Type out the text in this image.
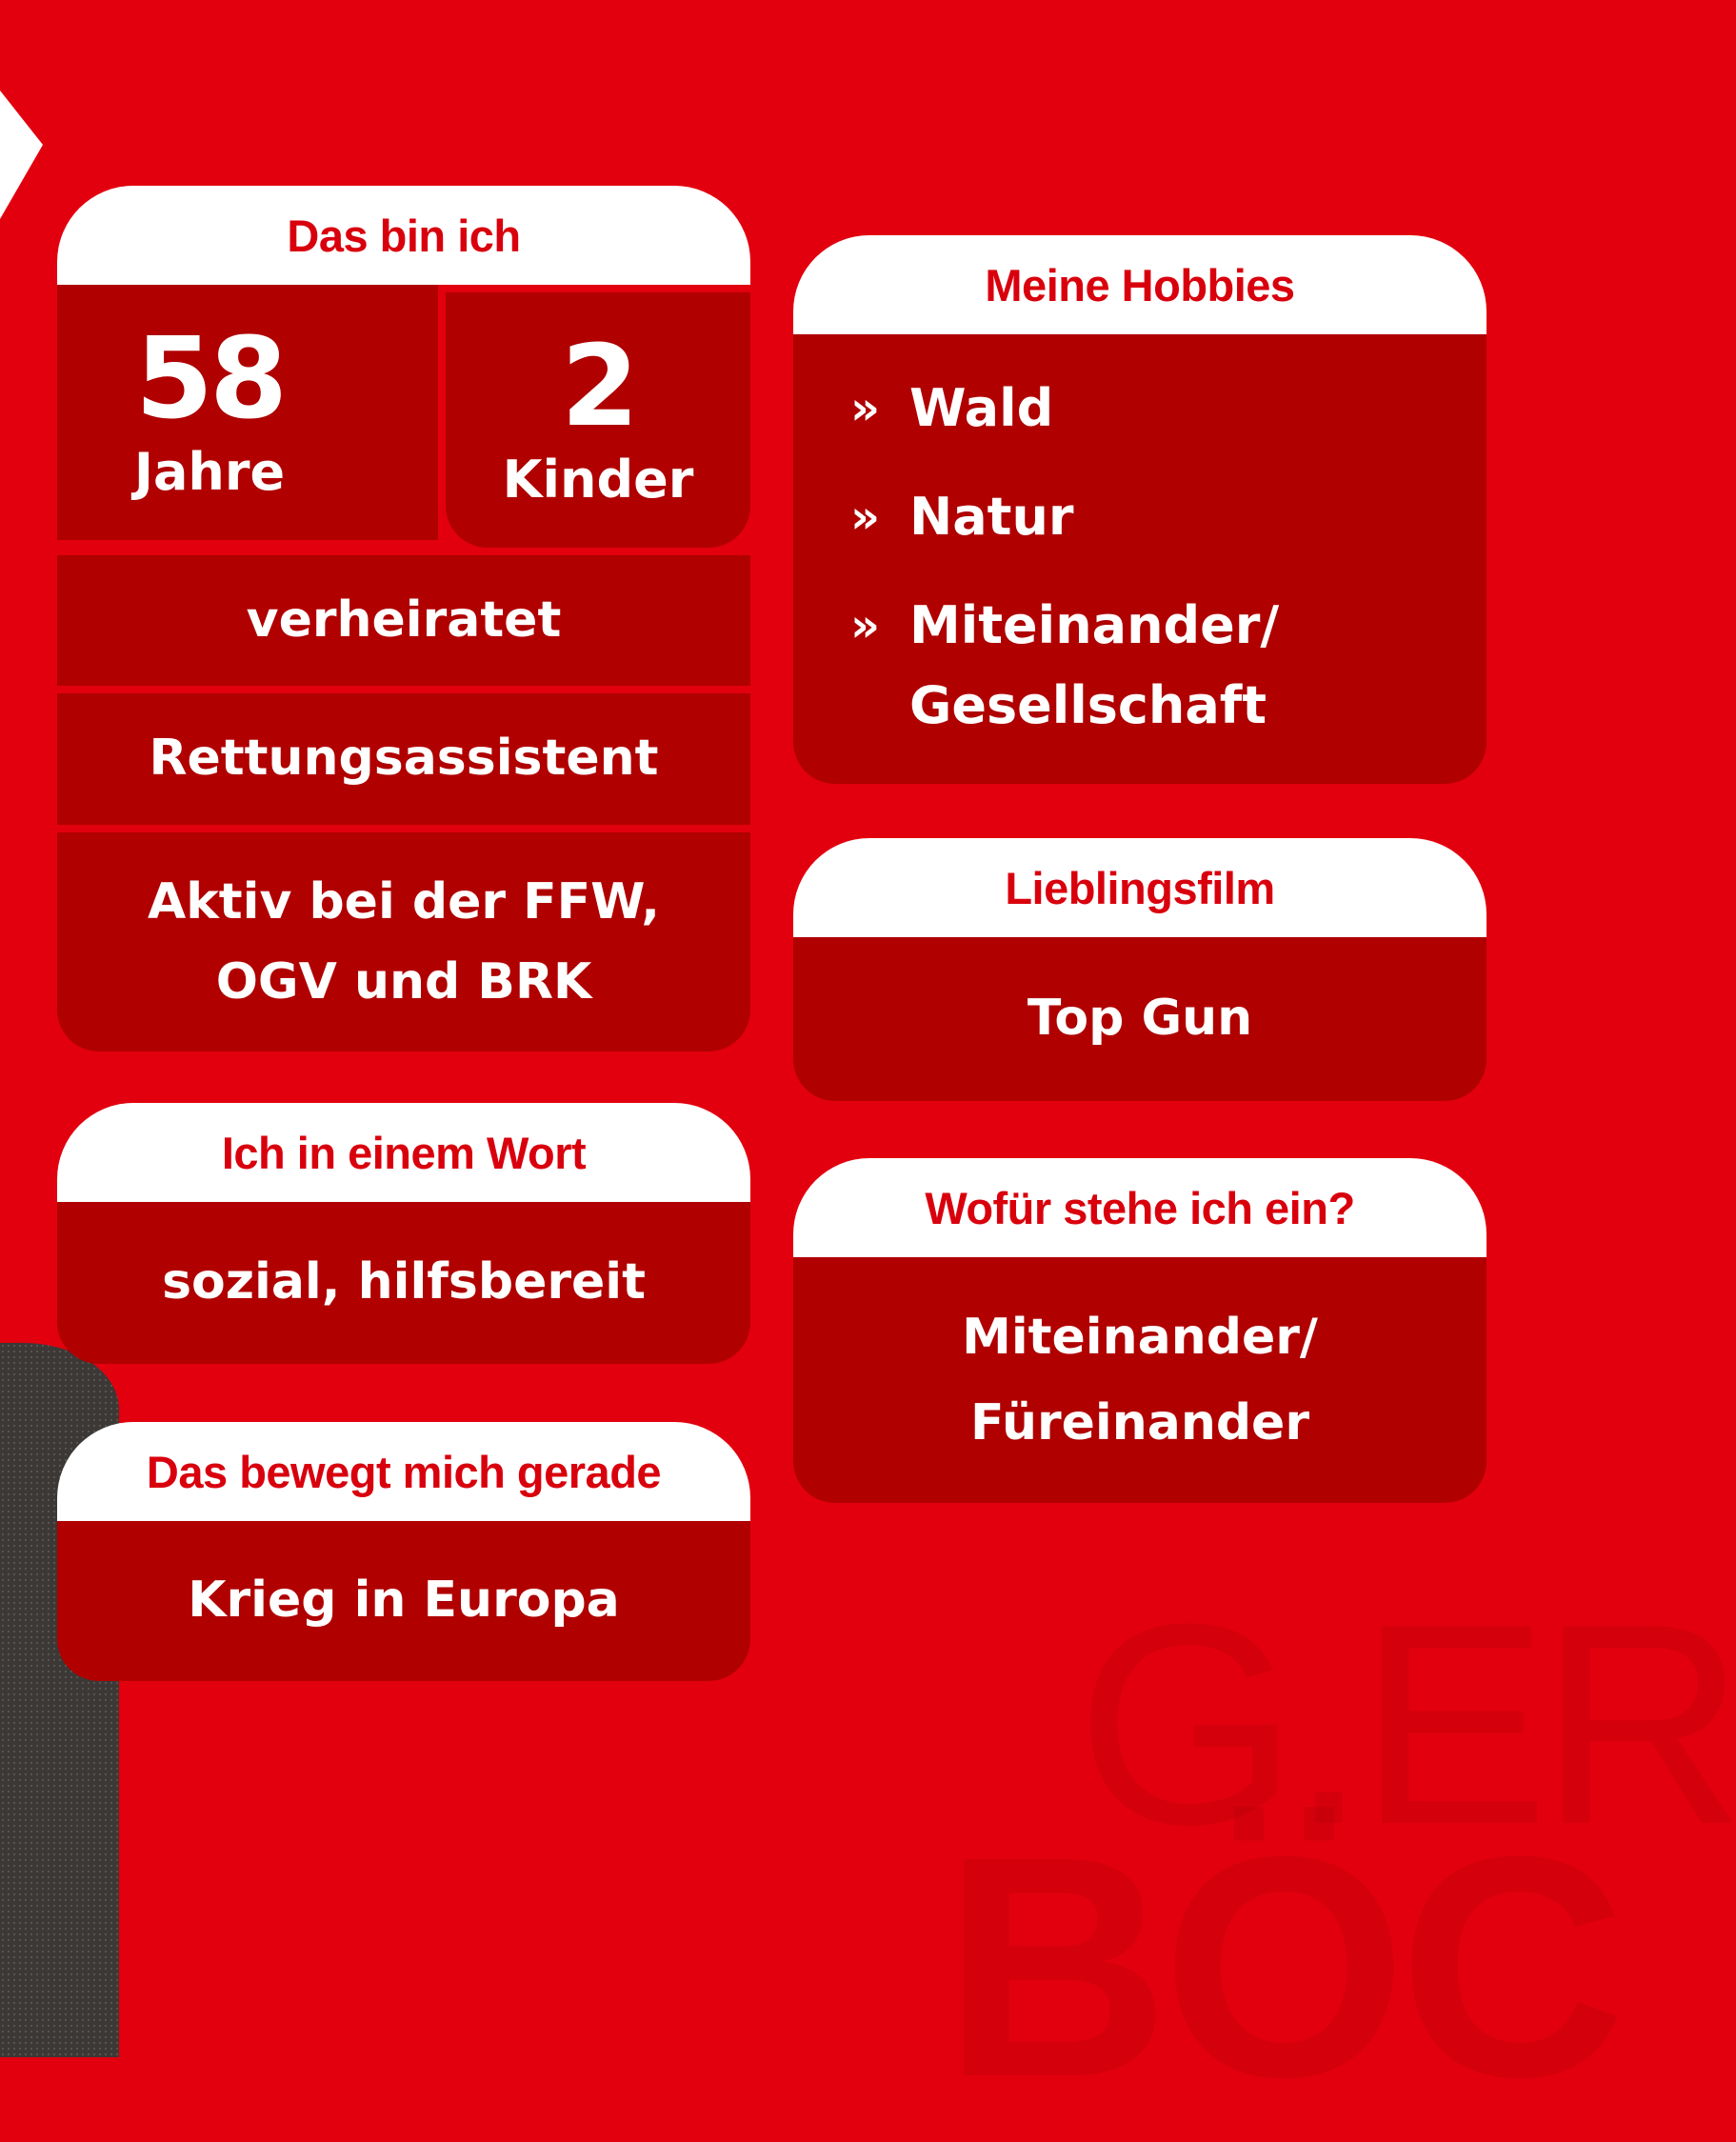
G.ER
BÖC
Das bin ich
58
Jahre
2
Kinder
verheiratet
Rettungsassistent
Aktiv bei der FFW,
OGV und BRK
Ich in einem Wort
sozial, hilfsbereit
Das bewegt mich gerade
Krieg in Europa
Meine Hobbies
» Wald
» Natur
» Miteinander/
Gesellschaft
Lieblingsfilm
Top Gun
Wofür stehe ich ein?
Miteinander/
Füreinander
